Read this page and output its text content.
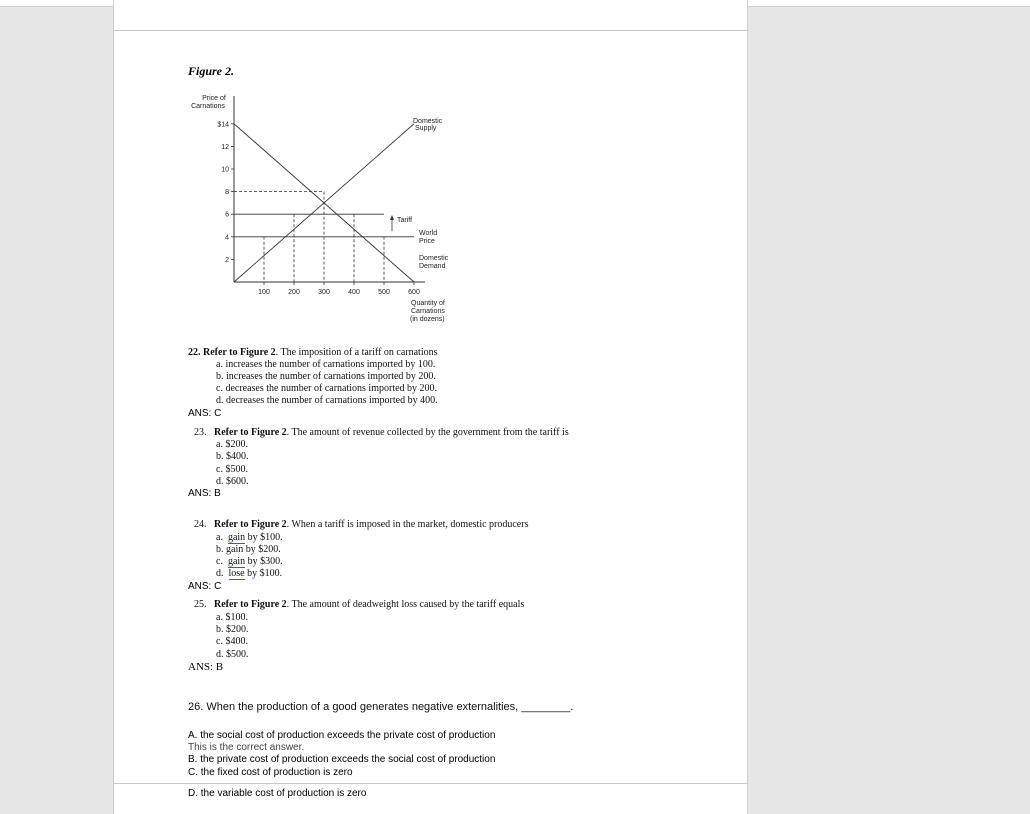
Figure 2.
Price of
Carnations
$14
12
10
8
6
4
2
100	200	300	400	500	600
Domestic
Supply
Tariff
World
Price
Domestic
Demand
Quantity of
Carnations
(in dozens)
22. Refer to Figure 2. The imposition of a tariff on carnations
a. increases the number of carnations imported by 100.
b. increases the number of carnations imported by 200.
c. decreases the number of carnations imported by 200.
d. decreases the number of carnations imported by 400.
ANS: C
23. Refer to Figure 2. The amount of revenue collected by the government from the tariff is
a. $200.
b. $400.
c. $500.
d. $600.
ANS: B
24. Refer to Figure 2. When a tariff is imposed in the market, domestic producers
a. gain by $100.
b. gain by $200.
c. gain by $300.
d. lose by $100.
ANS: C
25. Refer to Figure 2. The amount of deadweight loss caused by the tariff equals
a. $100.
b. $200.
c. $400.
d. $500.
ANS: B
26. When the production of a good generates negative externalities, ________.
A. the social cost of production exceeds the private cost of production
This is the correct answer.
B. the private cost of production exceeds the social cost of production
C. the fixed cost of production is zero
D. the variable cost of production is zero
